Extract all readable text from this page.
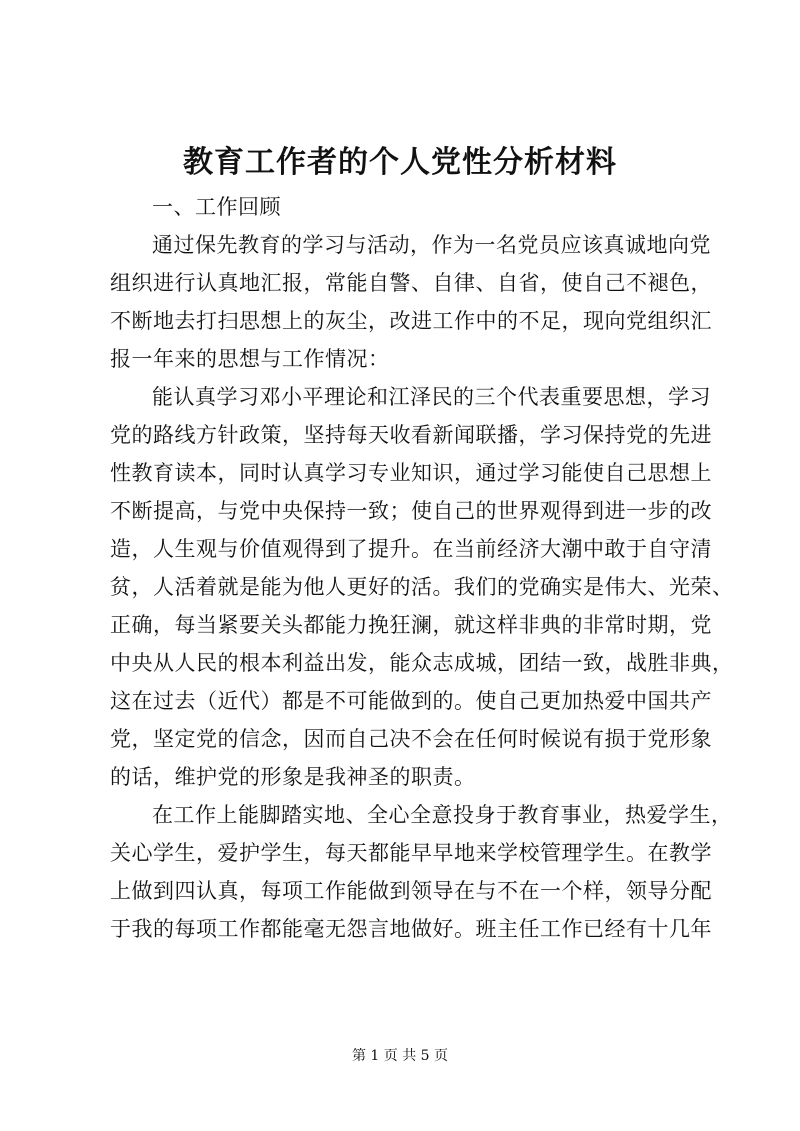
教育工作者的个人党性分析材料
一、工作回顾
通过保先教育的学习与活动，作为一名党员应该真诚地向党
组织进行认真地汇报，常能自警、自律、自省，使自己不褪色，
不断地去打扫思想上的灰尘，改进工作中的不足，现向党组织汇
报一年来的思想与工作情况：
能认真学习邓小平理论和江泽民的三个代表重要思想，学习
党的路线方针政策，坚持每天收看新闻联播，学习保持党的先进
性教育读本，同时认真学习专业知识，通过学习能使自己思想上
不断提高，与党中央保持一致；使自己的世界观得到进一步的改
造，人生观与价值观得到了提升。在当前经济大潮中敢于自守清
贫，人活着就是能为他人更好的活。我们的党确实是伟大、光荣、
正确，每当紧要关头都能力挽狂澜，就这样非典的非常时期，党
中央从人民的根本利益出发，能众志成城，团结一致，战胜非典，
这在过去（近代）都是不可能做到的。使自己更加热爱中国共产
党，坚定党的信念，因而自己决不会在任何时候说有损于党形象
的话，维护党的形象是我神圣的职责。
在工作上能脚踏实地、全心全意投身于教育事业，热爱学生，
关心学生，爱护学生，每天都能早早地来学校管理学生。在教学
上做到四认真，每项工作能做到领导在与不在一个样，领导分配
于我的每项工作都能毫无怨言地做好。班主任工作已经有十几年
第 1 页 共 5 页
